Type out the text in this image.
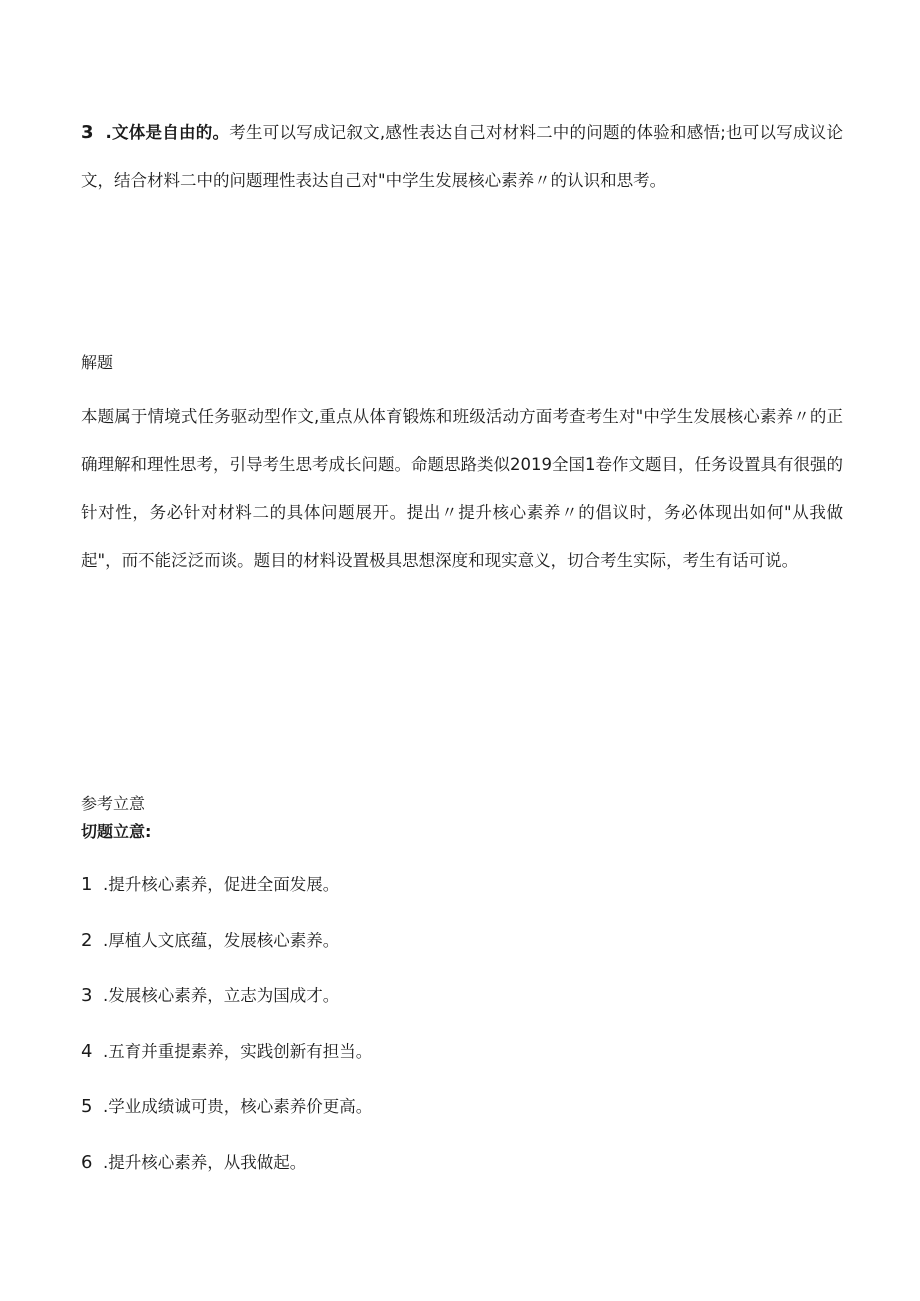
3 .文体是自由的。考生可以写成记叙文,感性表达自己对材料二中的问题的体验和感悟;也可以写成议论文，结合材料二中的问题理性表达自己对"中学生发展核心素养〃的认识和思考。

解题

本题属于情境式任务驱动型作文,重点从体育锻炼和班级活动方面考查考生对"中学生发展核心素养〃的正确理解和理性思考，引导考生思考成长问题。命题思路类似2019全国1卷作文题目，任务设置具有很强的针对性，务必针对材料二的具体问题展开。提出〃提升核心素养〃的倡议时，务必体现出如何"从我做起"，而不能泛泛而谈。题目的材料设置极具思想深度和现实意义，切合考生实际，考生有话可说。

参考立意
切题立意:
1 .提升核心素养，促进全面发展。
2 .厚植人文底蕴，发展核心素养。
3 .发展核心素养，立志为国成才。
4 .五育并重提素养，实践创新有担当。
5 .学业成绩诚可贵，核心素养价更高。
6 .提升核心素养，从我做起。
